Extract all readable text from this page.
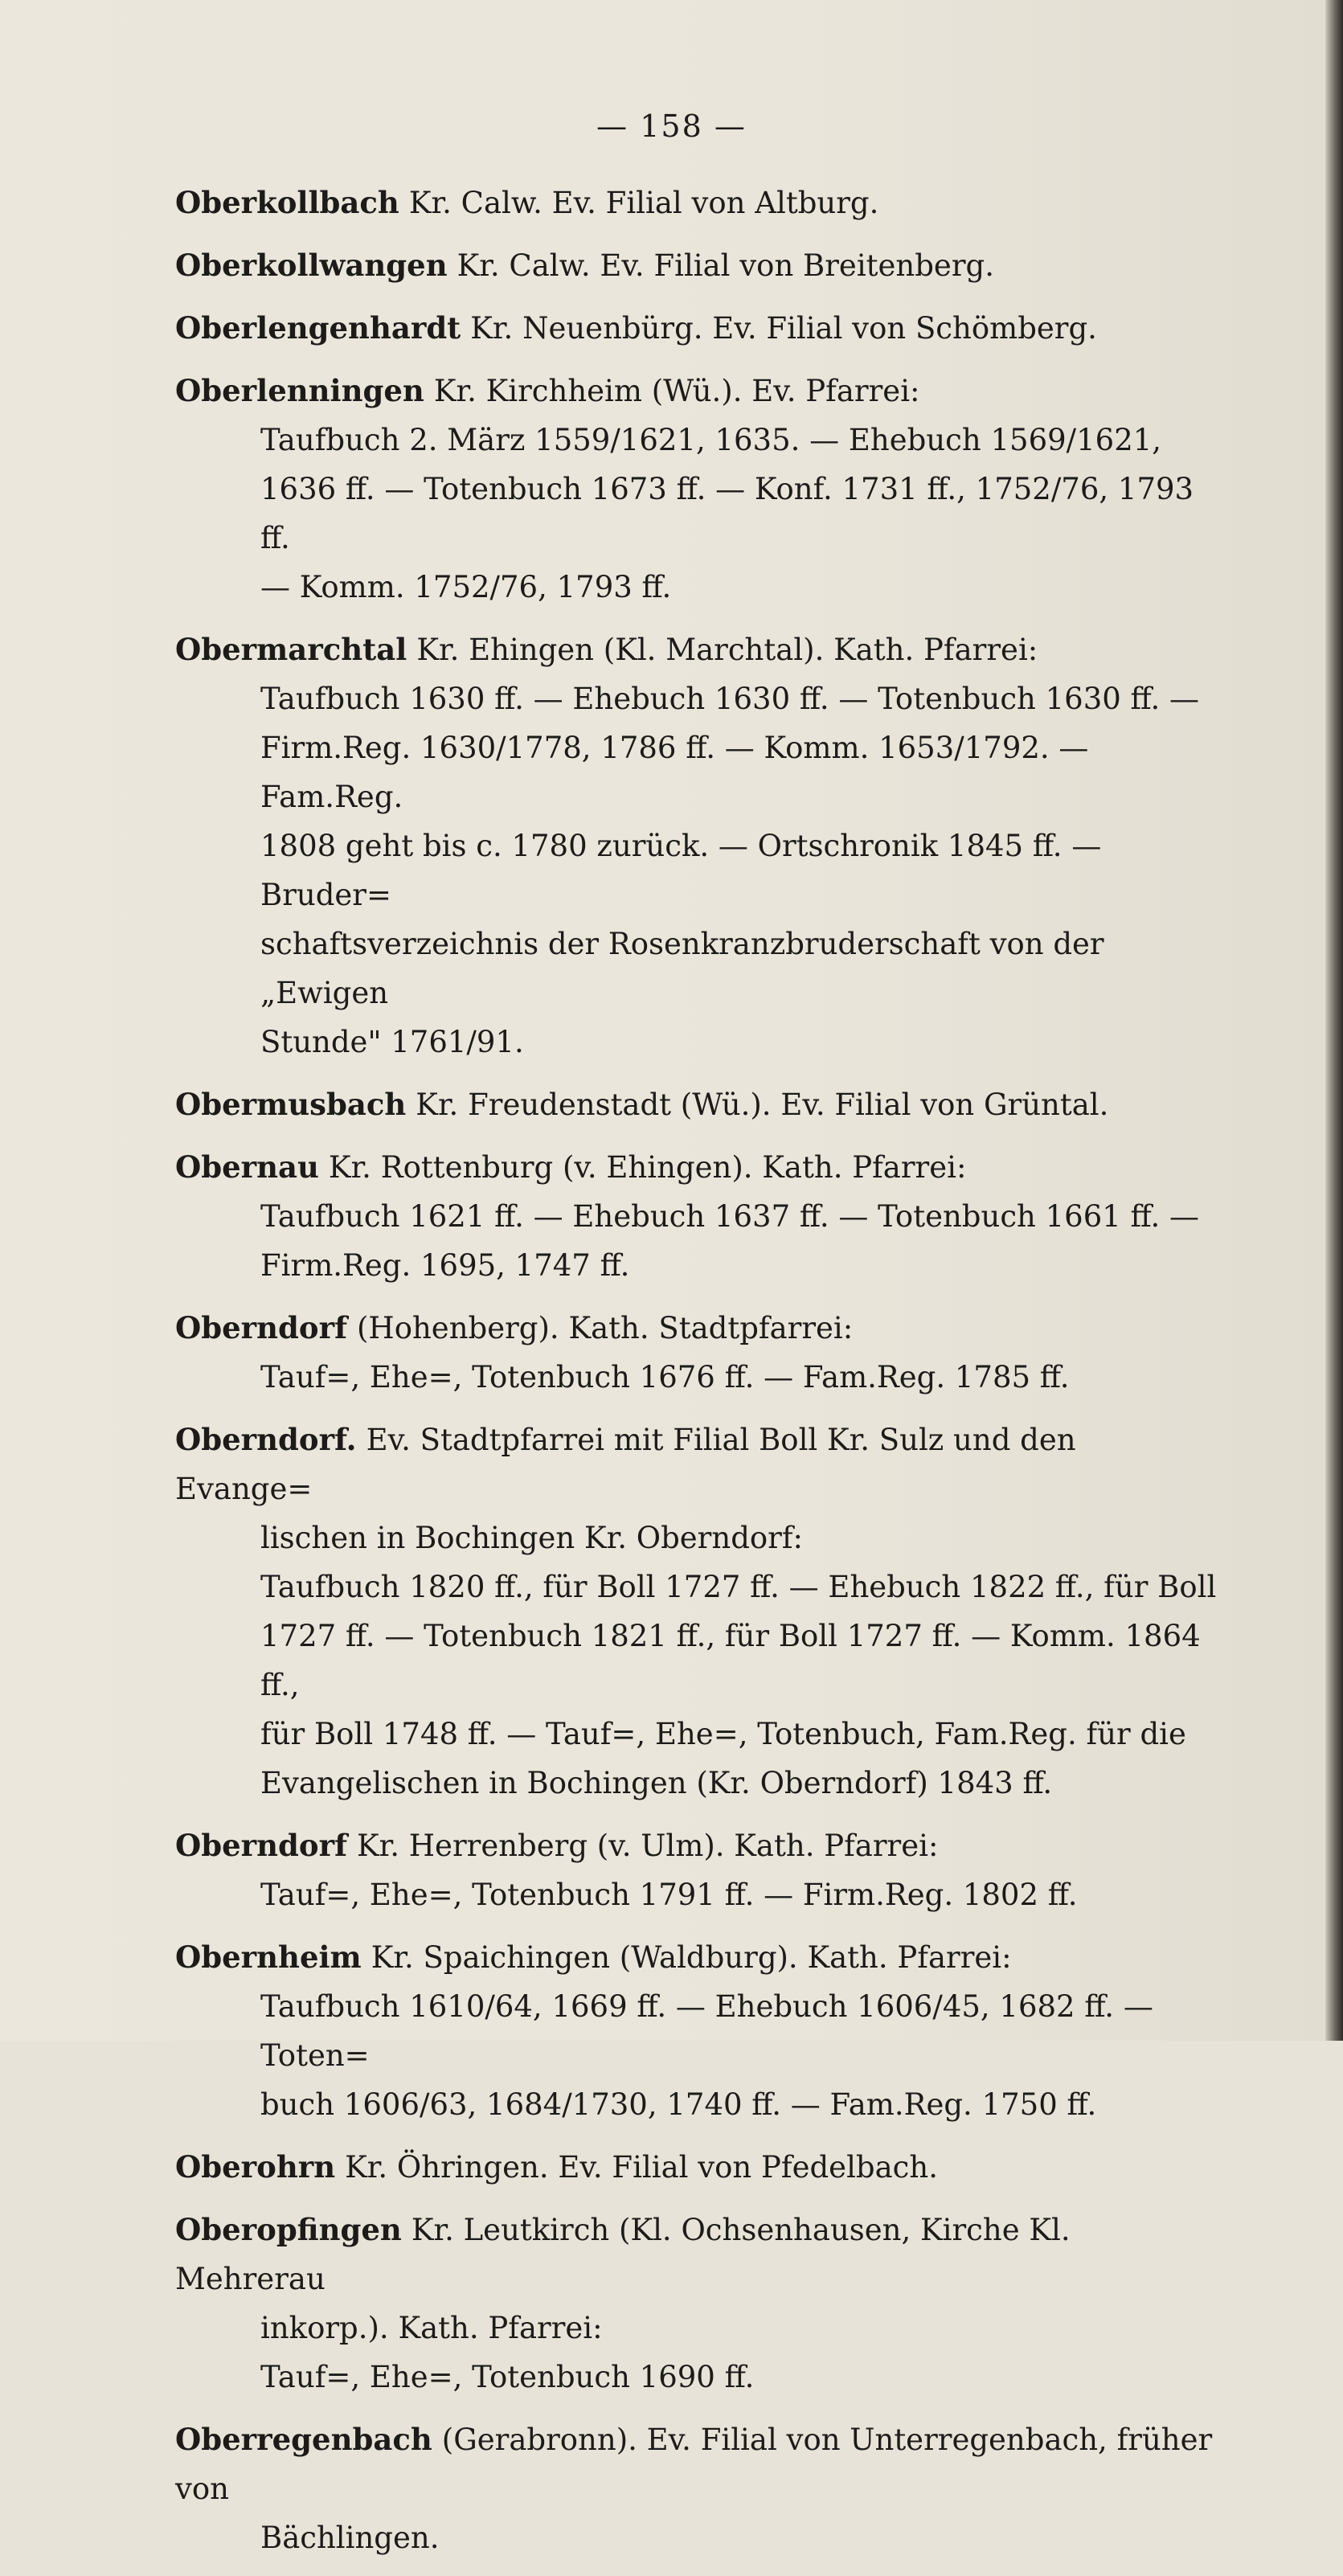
— 158 —
Oberkollbach Kr. Calw. Ev. Filial von Altburg.
Oberkollwangen Kr. Calw. Ev. Filial von Breitenberg.
Oberlengenhardt Kr. Neuenbürg. Ev. Filial von Schömberg.
Oberlenningen Kr. Kirchheim (Wü.). Ev. Pfarrei:
Taufbuch 2. März 1559/1621, 1635. — Ehebuch 1569/1621,
1636 ff. — Totenbuch 1673 ff. — Konf. 1731 ff., 1752/76, 1793 ff.
— Komm. 1752/76, 1793 ff.
Obermarchtal Kr. Ehingen (Kl. Marchtal). Kath. Pfarrei:
Taufbuch 1630 ff. — Ehebuch 1630 ff. — Totenbuch 1630 ff. —
Firm.Reg. 1630/1778, 1786 ff. — Komm. 1653/1792. — Fam.Reg.
1808 geht bis c. 1780 zurück. — Ortschronik 1845 ff. — Bruder=
schaftsverzeichnis der Rosenkranzbruderschaft von der „Ewigen
Stunde" 1761/91.
Obermusbach Kr. Freudenstadt (Wü.). Ev. Filial von Grüntal.
Obernau Kr. Rottenburg (v. Ehingen). Kath. Pfarrei:
Taufbuch 1621 ff. — Ehebuch 1637 ff. — Totenbuch 1661 ff. —
Firm.Reg. 1695, 1747 ff.
Oberndorf (Hohenberg). Kath. Stadtpfarrei:
Tauf=, Ehe=, Totenbuch 1676 ff. — Fam.Reg. 1785 ff.
Oberndorf. Ev. Stadtpfarrei mit Filial Boll Kr. Sulz und den Evange=
lischen in Bochingen Kr. Oberndorf:
Taufbuch 1820 ff., für Boll 1727 ff. — Ehebuch 1822 ff., für Boll
1727 ff. — Totenbuch 1821 ff., für Boll 1727 ff. — Komm. 1864 ff.,
für Boll 1748 ff. — Tauf=, Ehe=, Totenbuch, Fam.Reg. für die
Evangelischen in Bochingen (Kr. Oberndorf) 1843 ff.
Oberndorf Kr. Herrenberg (v. Ulm). Kath. Pfarrei:
Tauf=, Ehe=, Totenbuch 1791 ff. — Firm.Reg. 1802 ff.
Obernheim Kr. Spaichingen (Waldburg). Kath. Pfarrei:
Taufbuch 1610/64, 1669 ff. — Ehebuch 1606/45, 1682 ff. — Toten=
buch 1606/63, 1684/1730, 1740 ff. — Fam.Reg. 1750 ff.
Oberohrn Kr. Öhringen. Ev. Filial von Pfedelbach.
Oberopfingen Kr. Leutkirch (Kl. Ochsenhausen, Kirche Kl. Mehrerau
inkorp.). Kath. Pfarrei:
Tauf=, Ehe=, Totenbuch 1690 ff.
Oberregenbach (Gerabronn). Ev. Filial von Unterregenbach, früher von
Bächlingen.
